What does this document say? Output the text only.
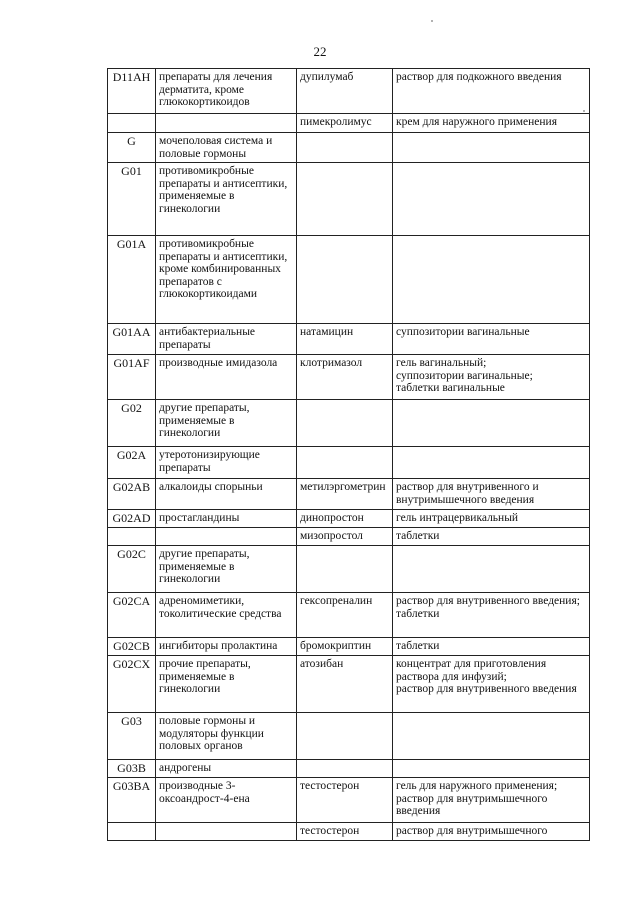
22
D11AH	препараты для лечения дерматита, кроме глюкокортикоидов	дупилумаб	раствор для подкожного введения

		пимекролимус	крем для наружного применения

G	мочеполовая система и половые гормоны		
G01	противомикробные препараты и антисептики, применяемые в гинекологии		
G01A	противомикробные препараты и антисептики, кроме комбинированных препаратов с глюкокортикоидами		
G01AA	антибактериальные препараты	натамицин	суппозитории вагинальные

G01AF	производные имидазола	клотримазол	гель вагинальный;
суппозитории вагинальные;
таблетки вагинальные

G02	другие препараты, применяемые в гинекологии		
G02A	утеротонизирующие препараты		
G02AB	алкалоиды спорыньи	метилэргометрин	раствор для внутривенного и внутримышечного введения

G02AD	простагландины	динопростон	гель интрацервикальный

		мизопростол	таблетки

G02C	другие препараты, применяемые в гинекологии		
G02CA	адреномиметики, токолитические средства	гексопреналин	раствор для внутривенного введения;
таблетки

G02CB	ингибиторы пролактина	бромокриптин	таблетки

G02CX	прочие препараты, применяемые в гинекологии	атозибан	концентрат для приготовления раствора для инфузий;
раствор для внутривенного введения

G03	половые гормоны и модуляторы функции половых органов		
G03B	андрогены		
G03BA	производные 3-оксоандрост-4-ена	тестостерон	гель для наружного применения;
раствор для внутримышечного введения

		тестостерон	раствор для внутримышечного
